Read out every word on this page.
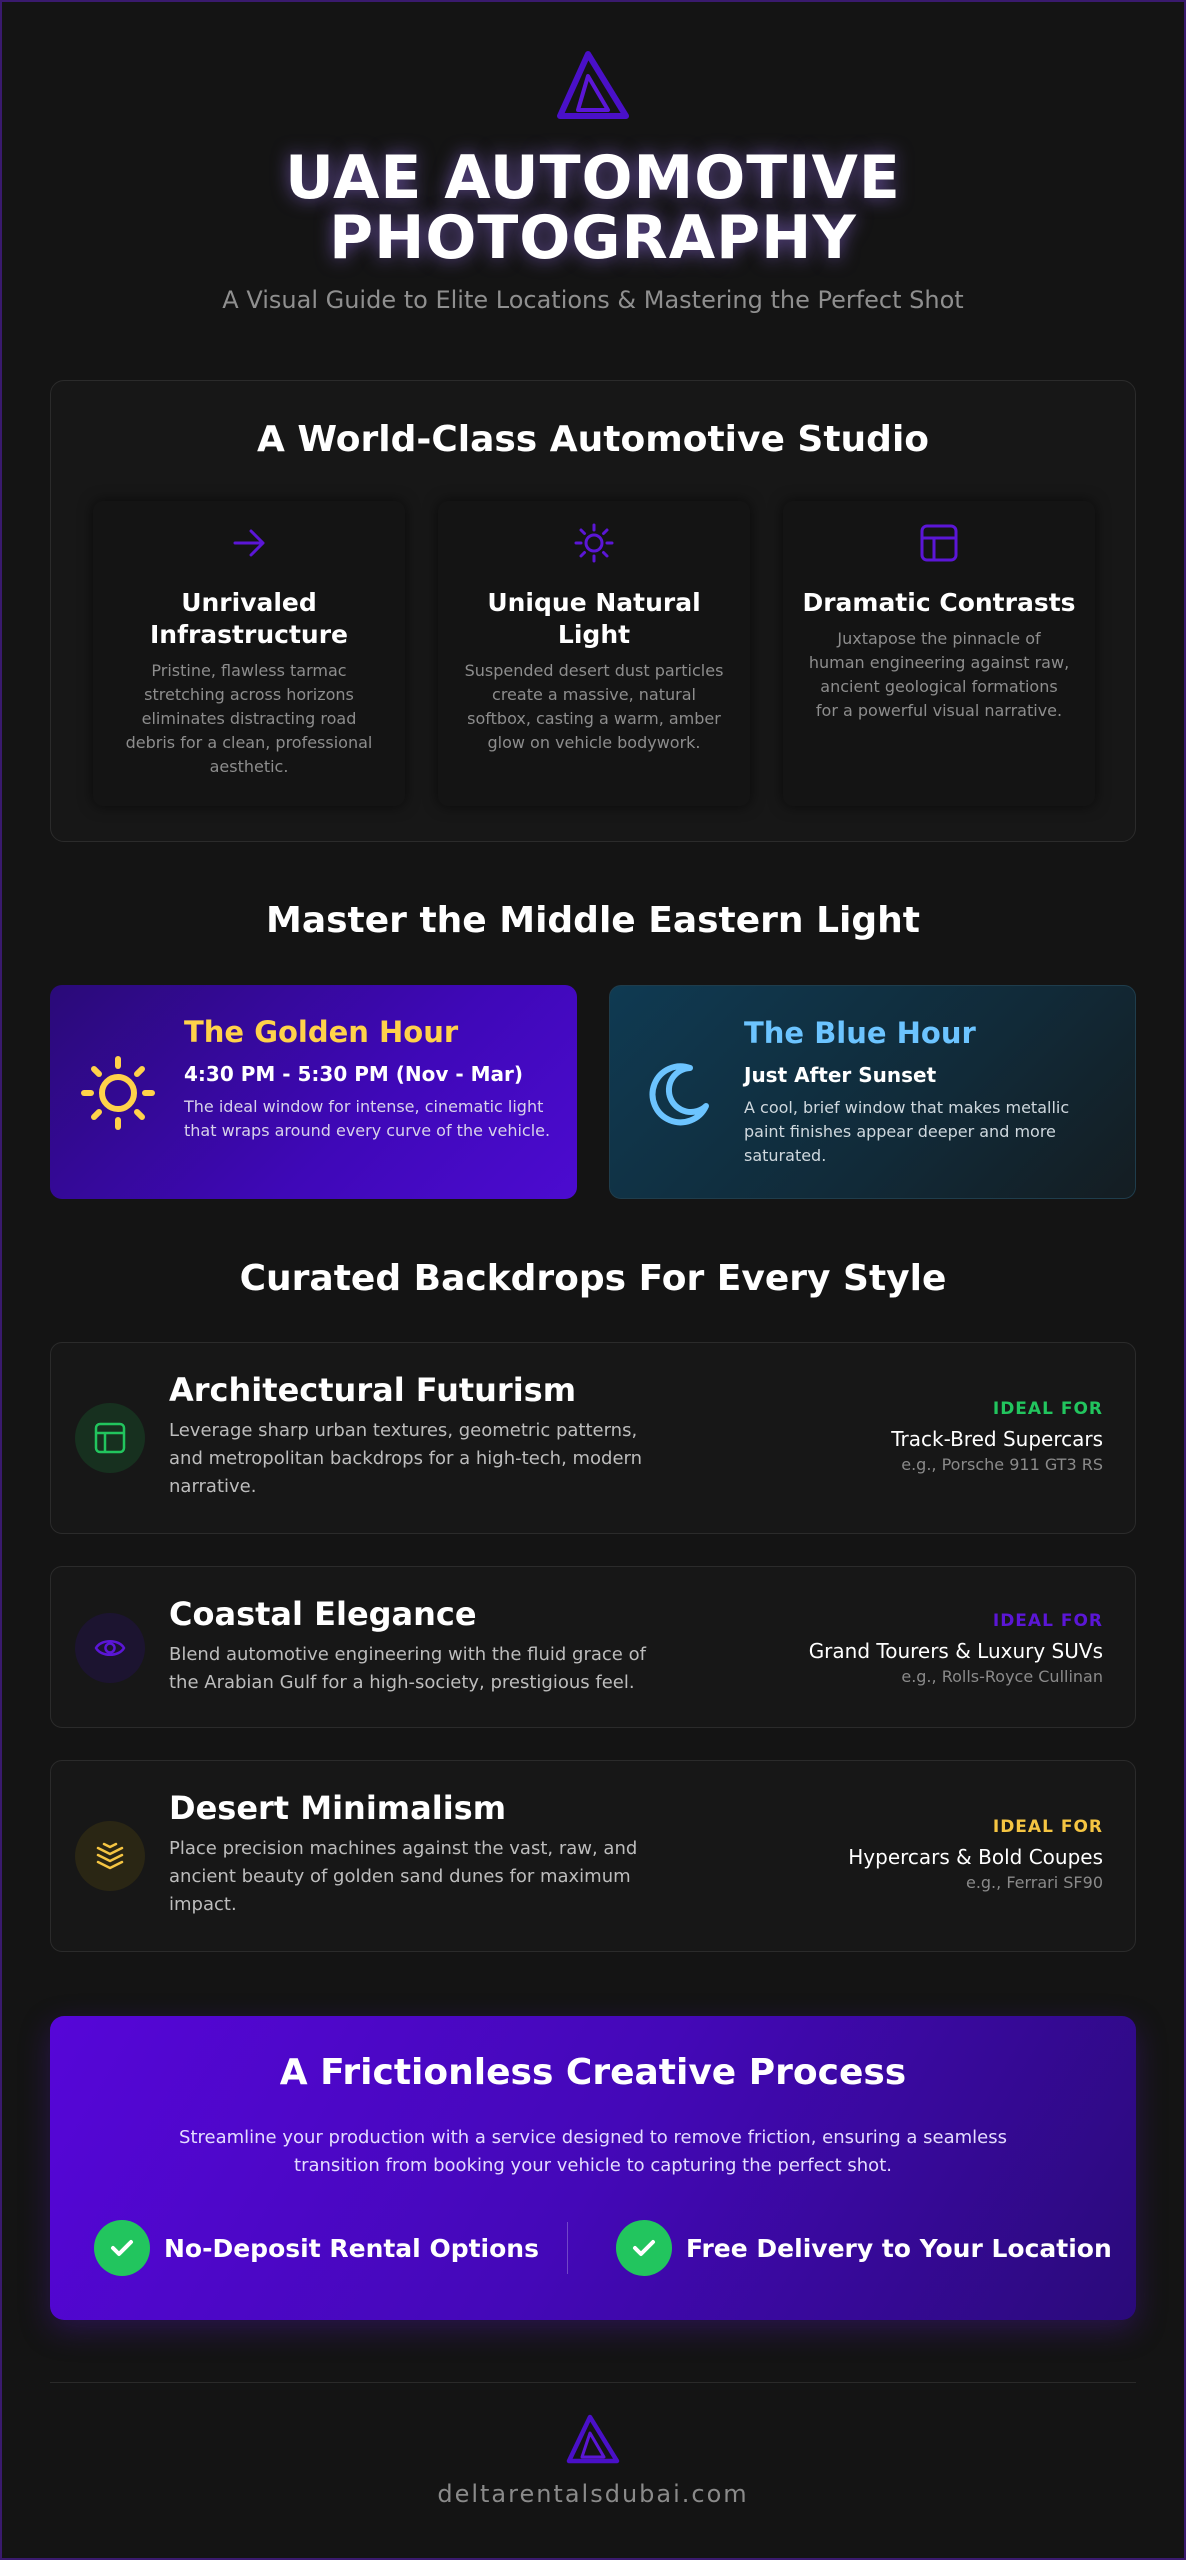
UAE AUTOMOTIVE
PHOTOGRAPHY
A Visual Guide to Elite Locations & Mastering the Perfect Shot
A World-Class Automotive Studio
Unrivaled Infrastructure
Pristine, flawless tarmac stretching across horizons eliminates distracting road debris for a clean, professional aesthetic.
Unique Natural Light
Suspended desert dust particles create a massive, natural softbox, casting a warm, amber glow on vehicle bodywork.
Dramatic Contrasts
Juxtapose the pinnacle of human engineering against raw, ancient geological formations for a powerful visual narrative.
Master the Middle Eastern Light
The Golden Hour
4:30 PM - 5:30 PM (Nov - Mar)
The ideal window for intense, cinematic light that wraps around every curve of the vehicle.
The Blue Hour
Just After Sunset
A cool, brief window that makes metallic paint finishes appear deeper and more saturated.
Curated Backdrops For Every Style
Architectural Futurism
Leverage sharp urban textures, geometric patterns, and metropolitan backdrops for a high-tech, modern narrative.
IDEAL FOR
Track-Bred Supercars
e.g., Porsche 911 GT3 RS
Coastal Elegance
Blend automotive engineering with the fluid grace of the Arabian Gulf for a high-society, prestigious feel.
IDEAL FOR
Grand Tourers & Luxury SUVs
e.g., Rolls-Royce Cullinan
Desert Minimalism
Place precision machines against the vast, raw, and ancient beauty of golden sand dunes for maximum impact.
IDEAL FOR
Hypercars & Bold Coupes
e.g., Ferrari SF90
A Frictionless Creative Process
Streamline your production with a service designed to remove friction, ensuring a seamless transition from booking your vehicle to capturing the perfect shot.
No-Deposit Rental Options	Free Delivery to Your Location
deltarentalsdubai.com
